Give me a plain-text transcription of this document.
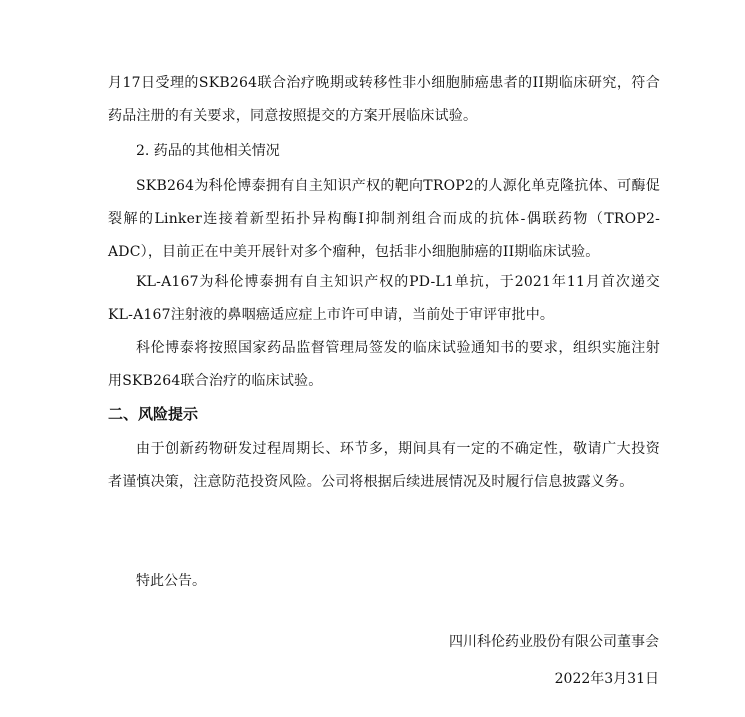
月17日受理的SKB264联合治疗晚期或转移性非小细胞肺癌患者的II期临床研究，符合药品注册的有关要求，同意按照提交的方案开展临床试验。
2. 药品的其他相关情况
SKB264为科伦博泰拥有自主知识产权的靶向TROP2的人源化单克隆抗体、可酶促裂解的Linker连接着新型拓扑异构酶I抑制剂组合而成的抗体-偶联药物（TROP2-ADC），目前正在中美开展针对多个瘤种，包括非小细胞肺癌的II期临床试验。
KL-A167为科伦博泰拥有自主知识产权的PD-L1单抗，于2021年11月首次递交KL-A167注射液的鼻咽癌适应症上市许可申请，当前处于审评审批中。
科伦博泰将按照国家药品监督管理局签发的临床试验通知书的要求，组织实施注射用SKB264联合治疗的临床试验。
二、风险提示
由于创新药物研发过程周期长、环节多，期间具有一定的不确定性，敬请广大投资者谨慎决策，注意防范投资风险。公司将根据后续进展情况及时履行信息披露义务。
特此公告。
四川科伦药业股份有限公司董事会
2022年3月31日
